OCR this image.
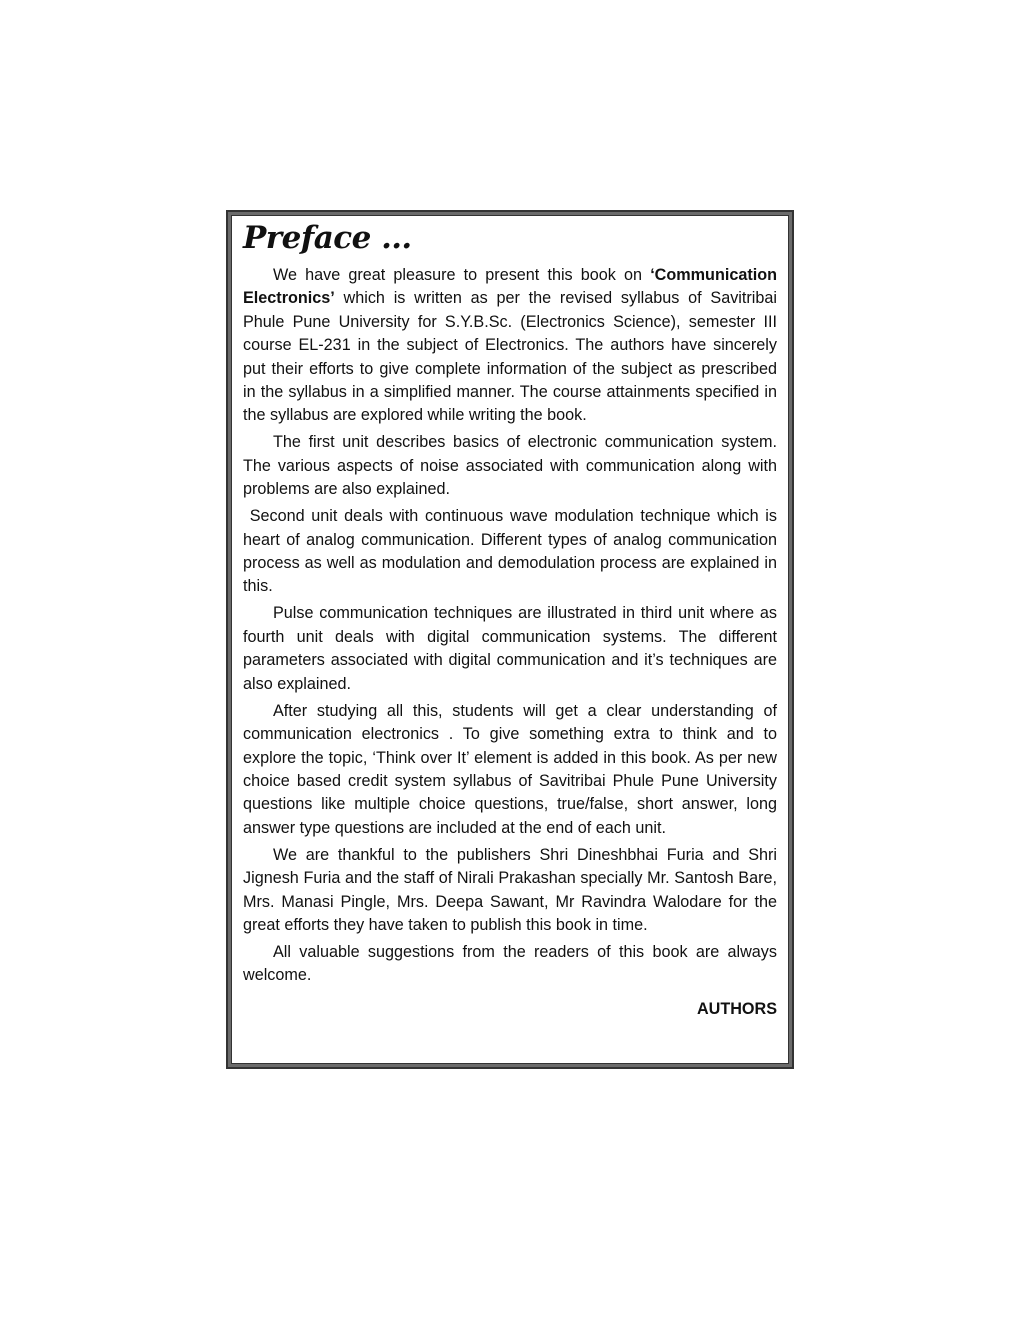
Preface …

We have great pleasure to present this book on ‘Communication Electronics’ which is written as per the revised syllabus of Savitribai Phule Pune University for S.Y.B.Sc. (Electronics Science), semester III course EL-231 in the subject of Electronics. The authors have sincerely put their efforts to give complete information of the subject as prescribed in the syllabus in a simplified manner. The course attainments specified in the syllabus are explored while writing the book.

The first unit describes basics of electronic communication system. The various aspects of noise associated with communication along with problems are also explained.

Second unit deals with continuous wave modulation technique which is heart of analog communication. Different types of analog communication process as well as modulation and demodulation process are explained in this.

Pulse communication techniques are illustrated in third unit where as fourth unit deals with digital communication systems. The different parameters associated with digital communication and it’s techniques are also explained.

After studying all this, students will get a clear understanding of communication electronics . To give something extra to think and to explore the topic, ‘Think over It’ element is added in this book. As per new choice based credit system syllabus of Savitribai Phule Pune University questions like multiple choice questions, true/false, short answer, long answer type questions are included at the end of each unit.

We are thankful to the publishers Shri Dineshbhai Furia and Shri Jignesh Furia and the staff of Nirali Prakashan specially Mr. Santosh Bare, Mrs. Manasi Pingle, Mrs. Deepa Sawant, Mr Ravindra Walodare for the great efforts they have taken to publish this book in time.

All valuable suggestions from the readers of this book are always welcome.

AUTHORS
